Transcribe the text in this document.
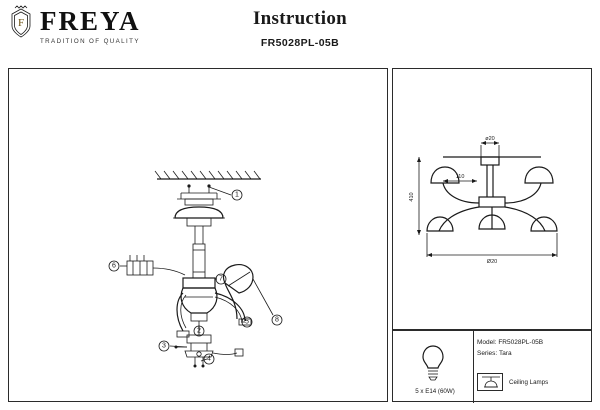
F FREYA
TRADITION OF QUALITY
Instruction
FR5028PL-05B
1
2
3
4
5
6
7
8
410
ø20
110
Ø20
5 x E14 (60W)
Model: FR5028PL-05B
Series: Tara
Ceiling Lamps
